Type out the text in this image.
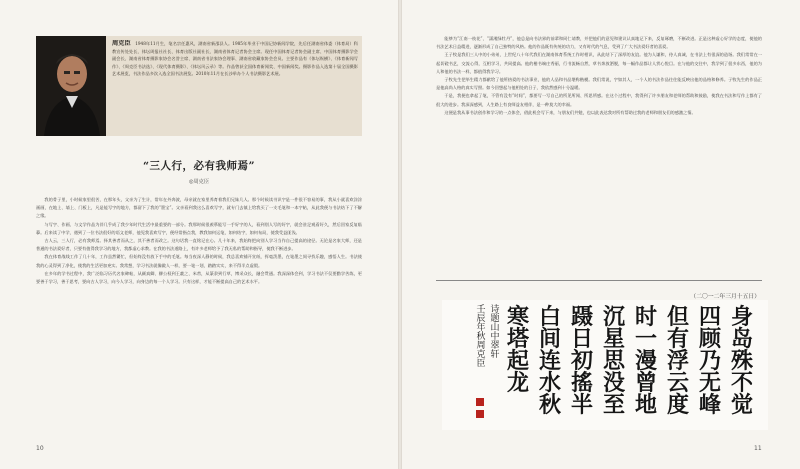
周克臣 1948年11月生，笔名宗任惠风，湖南省新邵县人。1985年毕业于中国记协新闻学院，先后任湖南省体委（体育局）科教宣传处处长、体坛周报社社长、体育出版社副社长、湖南省体育记者协会主席。现任中国体育记者协会副主席、中国体育摄影学会副会长、湖南省体育摄影家协会名誉主席、湖南省书法家协会理事、湖南省收藏家协会会员。主要作品有《体坛纵横》、《体育新闻写作》、《周克臣书法选》、《现代体育摄影》、《体坛风云录》等。作品曾获全国体育新闻奖、中国新闻奖。摄影作品入选第十届全国摄影艺术展览，书法作品多次入选全国书法展览。2010年11月在长沙举办个人书法摄影艺术展。
“三人行，必有我师焉”
◎周克臣

我的骨子里，小时候家里很苦，在那年头，父亲为了生计，常年在外奔波，母亲就在家里养育着我们兄妹几人。那个时候读书识字是一件很不容易的事，我从小就喜欢涂涂画画，在地上、墙上、门板上，凡是能写字的地方，都留下了我的“墨宝”。父亲看到我这么喜欢写字，就专门去镇上给我买了一支毛笔和一本字帖，从此我便与书法结下了不解之缘。

与写字、作画、与文学作品为伴几乎成了我少年时代生活中最重要的一部分。我那时候很羡慕能写一手好字的人，看到别人写的好字，就会驻足观看好久，然后回家反复临摹。后来读了中学，遇到了一位书法很好的语文老师，他见我喜欢写字，便经常指点我，教我如何运笔，如何结字，如何布局，使我受益匪浅。

古人云，三人行，必有我师焉。择其善者而从之，其不善者而改之。这句话我一直铭记在心。几十年来，我始终把向别人学习当作自己提高的途径。无论是名家大师，还是普通的书法爱好者，只要有值得我学习的地方，我都虚心求教。在我的书法道路上，有许多老师给予了我无私的帮助和指导，使我不断进步。

我在体育战线工作了几十年，工作虽然繁忙，但始终没有放下手中的毛笔。每当夜深人静的时候，我总喜欢铺开宣纸，挥毫泼墨，在笔墨之间寻找乐趣，感悟人生。书法使我的心灵得到了净化，使我的生活更加充实。我常想，学习书法就像做人一样，要一笔一划，踏踏实实，来不得半点虚假。

在多年的学书过程中，我广泛临习历代名家碑帖，从颜真卿、柳公权到王羲之、米芾，从篆隶到行草，博采众长，融会贯通。我深深体会到，学习书法不仅要勤学苦练，更要善于学习，善于思考，要向古人学习，向今人学习，向身边的每一个人学习。只有这样，才能不断提高自己的艺术水平。

10

能够为“江南一枝花”、“潇湘绿牡丹”，他总是向书法界的前辈和同仁请教，并把他们的意见和建议认真地记下来，反复琢磨，不断改进。正是这种虚心好学的态度，使他的书法艺术日益精进，逐渐形成了自己独特的风格。他的作品既有传统的功力，又有时代的气息，受到了广大书法爱好者的喜爱。

王子牧是我们三人中的小弟弟，上世纪八十年代我们在湖南体育系统工作时相识，从此结下了深厚的友谊。他为人谦和，待人真诚，在书法上有很深的造诣。我们常常在一起切磋书艺，交流心得，互相学习，共同提高。他的楷书端庄秀丽，行书流畅自然，草书奔放洒脱，每一幅作品都让人赏心悦目。在与他的交往中，我学到了很多东西，他的为人和他的书法一样，都值得我学习。

子牧先生把毕生精力都献给了他所热爱的书法事业，他的人品和书品堪称楷模。我们常说，字如其人，一个人的书法作品往往能反映出他的品格和修养。子牧先生的作品正是他高尚人格的真实写照。如今回想起与他相处的日子，我依然感到十分温暖。

于是，我便也拿起了笔，不管有没有“时间”，都要写一写自己的所见所闻、所思所感。在这个过程中，我得到了许多朋友和老师的帮助和鼓励，使我在书法和写作上都有了很大的进步。我深深感到，人生路上有良师益友相伴，是一种莫大的幸福。

这便是我从事书法创作和学习的一点体会，借此机会写下来，与朋友们共勉，也以此表达我对所有帮助过我的老师和朋友们的感激之情。

（二〇一二年三月十五日）
身
岛
殊
不
觉
四
顾
乃
无
峰
但
有
浮
云
度
时
一
漫
曾
地
沉
星
思
没
至
蹑
日
初
搖
半
白
间
连
水
秋
寒
塔
起
龙
诗
题
山
中
翠
轩
壬
辰
年
秋
周
克
臣
11
